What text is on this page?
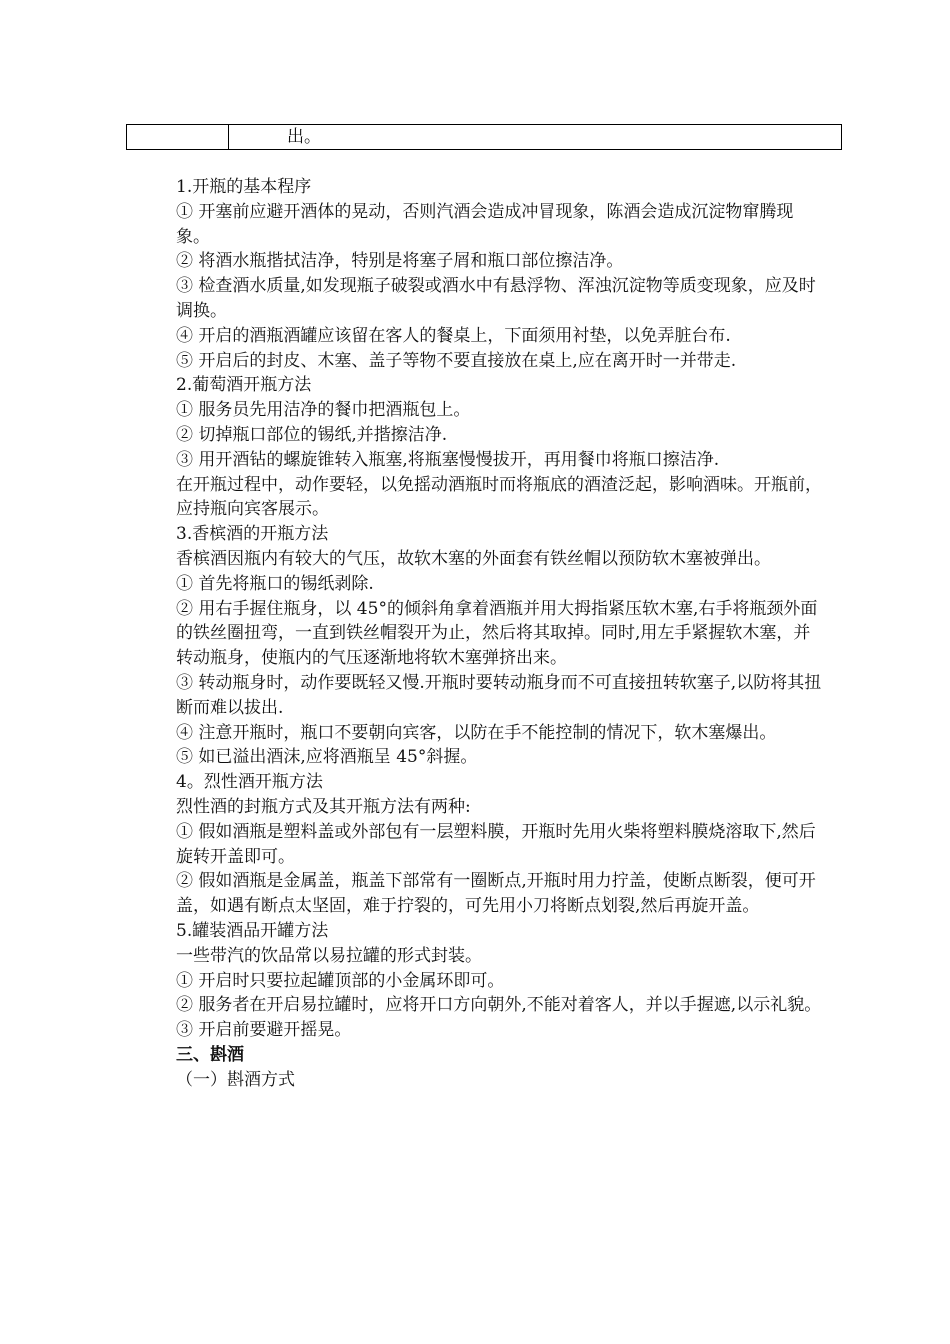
出。

1.开瓶的基本程序

① 开塞前应避开酒体的晃动，否则汽酒会造成冲冒现象，陈酒会造成沉淀物窜腾现象。

② 将酒水瓶揩拭洁净，特别是将塞子屑和瓶口部位擦洁净。

③ 检查酒水质量,如发现瓶子破裂或酒水中有悬浮物、浑浊沉淀物等质变现象，应及时调换。

④ 开启的酒瓶酒罐应该留在客人的餐桌上，下面须用衬垫，以免弄脏台布.

⑤ 开启后的封皮、木塞、盖子等物不要直接放在桌上,应在离开时一并带走.

2.葡萄酒开瓶方法

① 服务员先用洁净的餐巾把酒瓶包上。

② 切掉瓶口部位的锡纸,并揩擦洁净.

③ 用开酒钻的螺旋锥转入瓶塞,将瓶塞慢慢拔开，再用餐巾将瓶口擦洁净.

在开瓶过程中，动作要轻，以免摇动酒瓶时而将瓶底的酒渣泛起，影响酒味。开瓶前，应持瓶向宾客展示。

3.香槟酒的开瓶方法

香槟酒因瓶内有较大的气压，故软木塞的外面套有铁丝帽以预防软木塞被弹出。

① 首先将瓶口的锡纸剥除.

② 用右手握住瓶身，以 45°的倾斜角拿着酒瓶并用大拇指紧压软木塞,右手将瓶颈外面的铁丝圈扭弯，一直到铁丝帽裂开为止，然后将其取掉。同时,用左手紧握软木塞，并转动瓶身，使瓶内的气压逐渐地将软木塞弹挤出来。

③ 转动瓶身时，动作要既轻又慢.开瓶时要转动瓶身而不可直接扭转软塞子,以防将其扭断而难以拔出.

④ 注意开瓶时，瓶口不要朝向宾客，以防在手不能控制的情况下，软木塞爆出。

⑤ 如已溢出酒沫,应将酒瓶呈 45°斜握。

4。烈性酒开瓶方法

烈性酒的封瓶方式及其开瓶方法有两种:

① 假如酒瓶是塑料盖或外部包有一层塑料膜，开瓶时先用火柴将塑料膜烧溶取下,然后旋转开盖即可。

② 假如酒瓶是金属盖，瓶盖下部常有一圈断点,开瓶时用力拧盖，使断点断裂，便可开盖，如遇有断点太坚固，难于拧裂的，可先用小刀将断点划裂,然后再旋开盖。

5.罐装酒品开罐方法

一些带汽的饮品常以易拉罐的形式封装。

① 开启时只要拉起罐顶部的小金属环即可。

② 服务者在开启易拉罐时，应将开口方向朝外,不能对着客人，并以手握遮,以示礼貌。

③ 开启前要避开摇晃。

三、斟酒

（一）斟酒方式
